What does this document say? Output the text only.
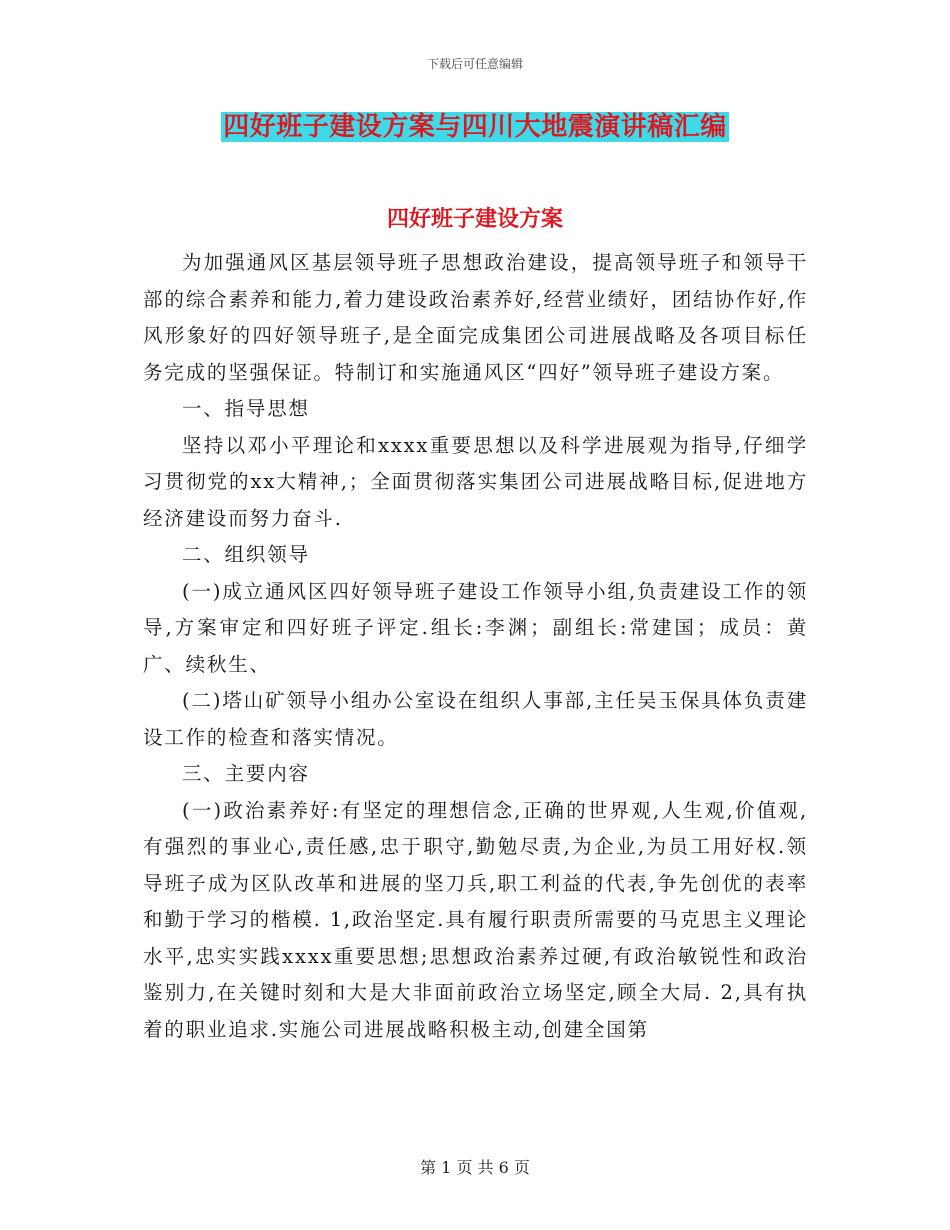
下载后可任意编辑
四好班子建设方案与四川大地震演讲稿汇编
四好班子建设方案

为加强通风区基层领导班子思想政治建设，提高领导班子和领导干部的综合素养和能力,着力建设政治素养好,经营业绩好，团结协作好,作风形象好的四好领导班子,是全面完成集团公司进展战略及各项目标任务完成的坚强保证。特制订和实施通风区“四好”领导班子建设方案。

一、指导思想

坚持以邓小平理论和xxxx重要思想以及科学进展观为指导,仔细学习贯彻党的xx大精神,；全面贯彻落实集团公司进展战略目标,促进地方经济建设而努力奋斗.

二、组织领导

(一)成立通风区四好领导班子建设工作领导小组,负责建设工作的领导,方案审定和四好班子评定.组长:李渊；副组长:常建国；成员：黄广、续秋生、

(二)塔山矿领导小组办公室设在组织人事部,主任吴玉保具体负责建设工作的检查和落实情况。

三、主要内容

(一)政治素养好:有坚定的理想信念,正确的世界观,人生观,价值观,有强烈的事业心,责任感,忠于职守,勤勉尽责,为企业,为员工用好权.领导班子成为区队改革和进展的坚刀兵,职工利益的代表,争先创优的表率和勤于学习的楷模. 1,政治坚定.具有履行职责所需要的马克思主义理论水平,忠实实践xxxx重要思想;思想政治素养过硬,有政治敏锐性和政治鉴别力,在关键时刻和大是大非面前政治立场坚定,顾全大局. 2,具有执着的职业追求.实施公司进展战略积极主动,创建全国第

第 1 页 共 6 页
